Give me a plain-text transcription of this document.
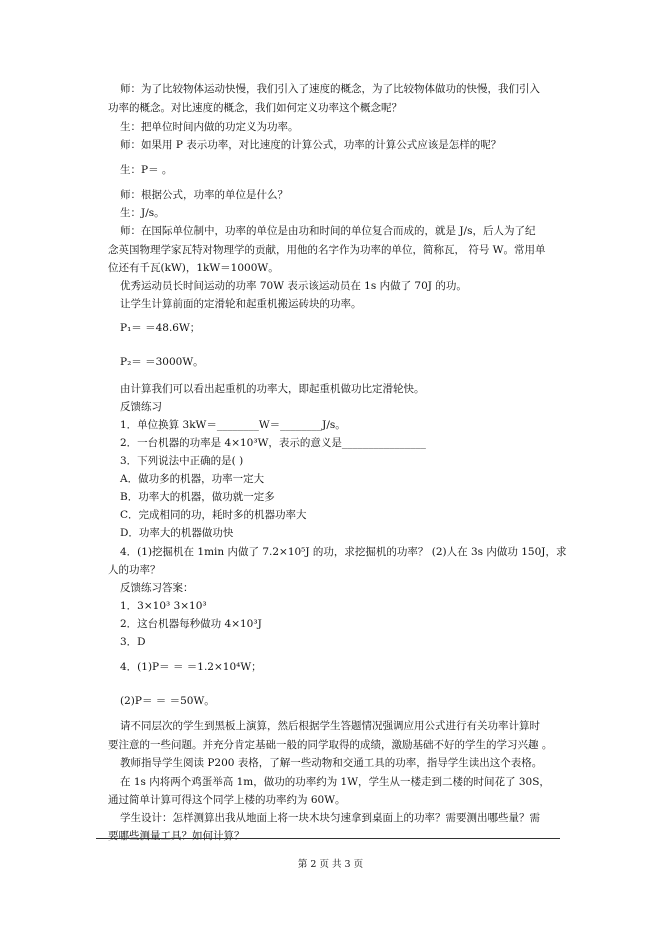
师：为了比较物体运动快慢，我们引入了速度的概念，为了比较物体做功的快慢，我们引入
功率的概念。对比速度的概念，我们如何定义功率这个概念呢？
生：把单位时间内做的功定义为功率。
师：如果用 P 表示功率，对比速度的计算公式，功率的计算公式应该是怎样的呢？
生：P＝ 。
师：根据公式，功率的单位是什么？
生：J/s。
师：在国际单位制中，功率的单位是由功和时间的单位复合而成的，就是 J/s，后人为了纪
念英国物理学家瓦特对物理学的贡献，用他的名字作为功率的单位，简称瓦， 符号 W。常用单
位还有千瓦(kW)，1kW＝1000W。
优秀运动员长时间运动的功率 70W 表示该运动员在 1s 内做了 70J 的功。
让学生计算前面的定滑轮和起重机搬运砖块的功率。
P₁＝ ＝48.6W；
P₂＝ ＝3000W。
由计算我们可以看出起重机的功率大，即起重机做功比定滑轮快。
反馈练习
1．单位换算 3kW＝________W＝________J/s。
2．一台机器的功率是 4×10³W，表示的意义是________________
3．下列说法中正确的是( )
A．做功多的机器，功率一定大
B．功率大的机器，做功就一定多
C．完成相同的功，耗时多的机器功率大
D．功率大的机器做功快
4．(1)挖掘机在 1min 内做了 7.2×10⁵J 的功，求挖掘机的功率？ (2)人在 3s 内做功 150J，求
人的功率？
反馈练习答案：
1．3×10³ 3×10³
2．这台机器每秒做功 4×10³J
3．D
4．(1)P＝ ＝ ＝1.2×10⁴W；
(2)P＝ ＝ ＝50W。
请不同层次的学生到黑板上演算，然后根据学生答题情况强调应用公式进行有关功率计算时
要注意的一些问题。并充分肯定基础一般的同学取得的成绩，激励基础不好的学生的学习兴趣 。
教师指导学生阅读 P200 表格，了解一些动物和交通工具的功率，指导学生读出这个表格。
在 1s 内将两个鸡蛋举高 1m，做功的功率约为 1W，学生从一楼走到二楼的时间花了 30S，
通过简单计算可得这个同学上楼的功率约为 60W。
学生设计：怎样测算出我从地面上将一块木块匀速拿到桌面上的功率？需要测出哪些量？需
要哪些测量工具？如何计算？
第 2 页 共 3 页
